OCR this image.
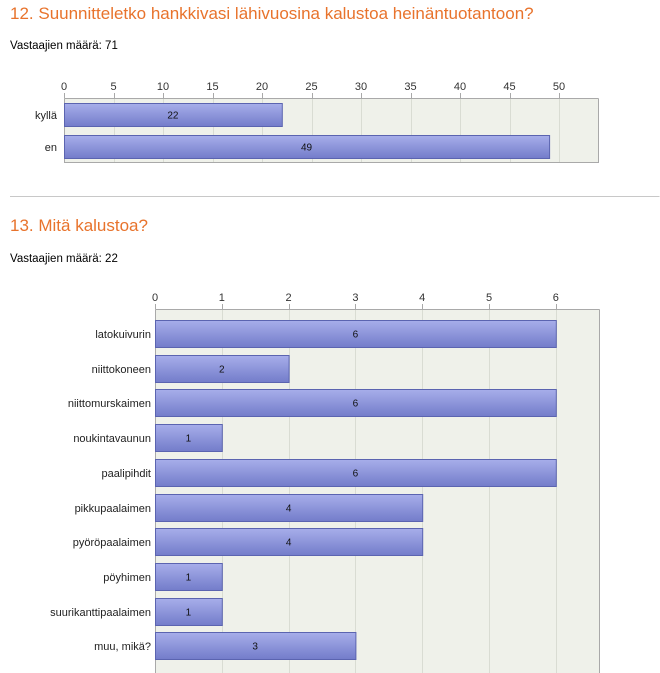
0	5	10	15	20	25	30	35	40	45	50
kyllä	22
en	49
0	1	2	3	4	5	6
latokuivurin	6
niittokoneen	2
niittomurskaimen	6
noukintavaunun	1
paalipihdit	6
pikkupaalaimen	4
pyöröpaalaimen	4
pöyhimen	1
suurikanttipaalaimen	1
muu, mikä?	3
12. Suunnitteletko hankkivasi lähivuosina kalustoa heinäntuotantoon?
Vastaajien määrä: 71
13. Mitä kalustoa?
Vastaajien määrä: 22
